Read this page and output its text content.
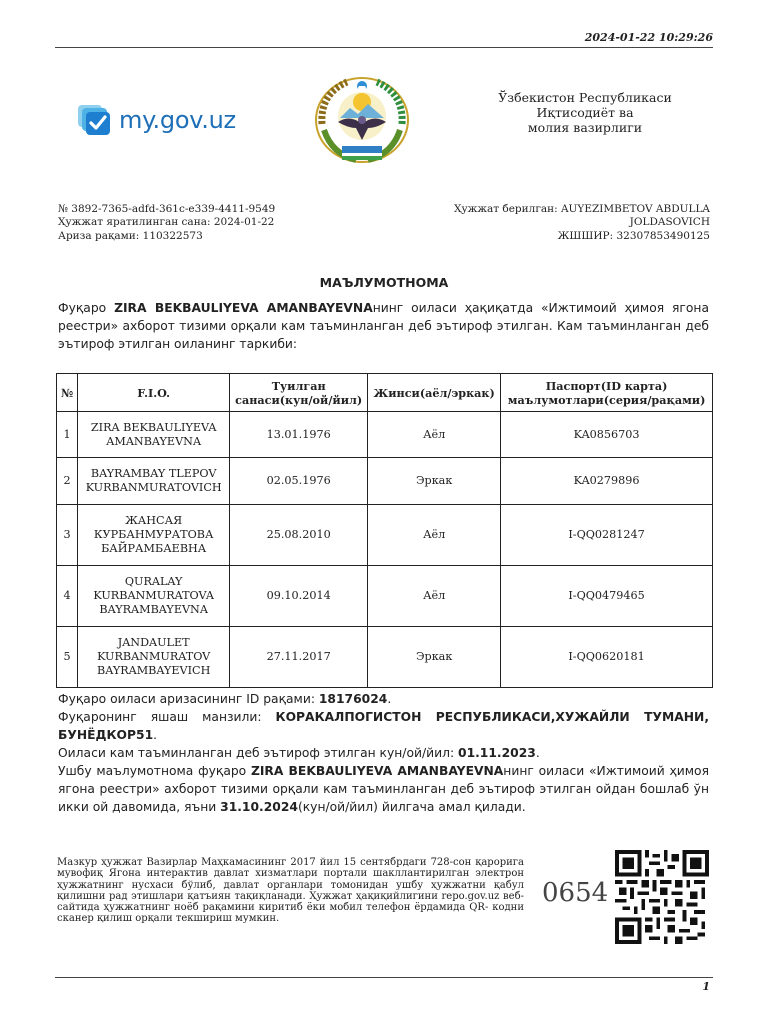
2024-01-22 10:29:26
my.gov.uz
Ўзбекистон Республикаси
Иқтисодиёт ва
молия вазирлиги
№ 3892-7365-adfd-361c-e339-4411-9549
Ҳужжат яратилинган сана: 2024-01-22
Ариза рақами: 110322573
Ҳужжат берилган: AUYEZIMBETOV ABDULLA
JOLDASOVICH
ЖШШИР: 32307853490125
МАЪЛУМОТНОМА
Фуқаро ZIRA BEKBAULIYEVA AMANBAYEVNAнинг оиласи ҳақиқатда «Ижтимоий ҳимоя ягона реестри» ахборот тизими орқали кам таъминланган деб эътироф этилган. Кам таъминланган деб эътироф этилган оиланинг таркиби:
№	F.I.O.	Туилган санаси(кун/ой/йил)	Жинси(аёл/эркак)	Паспорт(ID карта) маълумотлари(серия/рақами)
1	ZIRA BEKBAULIYEVA AMANBAYEVNA	13.01.1976	Аёл	KA0856703
2	BAYRAMBAY TLEPOV KURBANMURATOVICH	02.05.1976	Эркак	KA0279896
3	ЖАНСАЯ КУРБАНМУРАТОВА БАЙРАМБАЕВНА	25.08.2010	Аёл	I-QQ0281247
4	QURALAY KURBANMURATOVA BAYRAMBAYEVNA	09.10.2014	Аёл	I-QQ0479465
5	JANDAULET KURBANMURATOV BAYRAMBAYEVICH	27.11.2017	Эркак	I-QQ0620181
Фуқаро оиласи аризасининг ID рақами: 18176024.
Фуқаронинг яшаш манзили: КОРАКАЛПОГИСТОН РЕСПУБЛИКАСИ,ХУЖАЙЛИ ТУМАНИ, БУНЁДКОР51.
Оиласи кам таъминланган деб эътироф этилган кун/ой/йил: 01.11.2023.
Ушбу маълумотнома фуқаро ZIRA BEKBAULIYEVA AMANBAYEVNAнинг оиласи «Ижтимоий ҳимоя ягона реестри» ахборот тизими орқали кам таъминланган деб эътироф этилган ойдан бошлаб ўн икки ой давомида, яъни 31.10.2024(кун/ой/йил) йилгача амал қилади.
Мазкур ҳужжат Вазирлар Маҳкамасининг 2017 йил 15 сентябрдаги 728-сон қарорига мувофиқ Ягона интерактив давлат хизматлари портали шакллантирилган электрон ҳужжатнинг нусхаси бўлиб, давлат органлари томонидан ушбу ҳужжатни қабул қилишни рад этишлари қатъиян тақиқланади. Ҳужжат ҳақиқийлигини repo.gov.uz веб-сайтида ҳужжатнинг ноёб рақамини киритиб ёки мобил телефон ёрдамида QR- кодни сканер қилиш орқали текшириш мумкин.
0654
1
